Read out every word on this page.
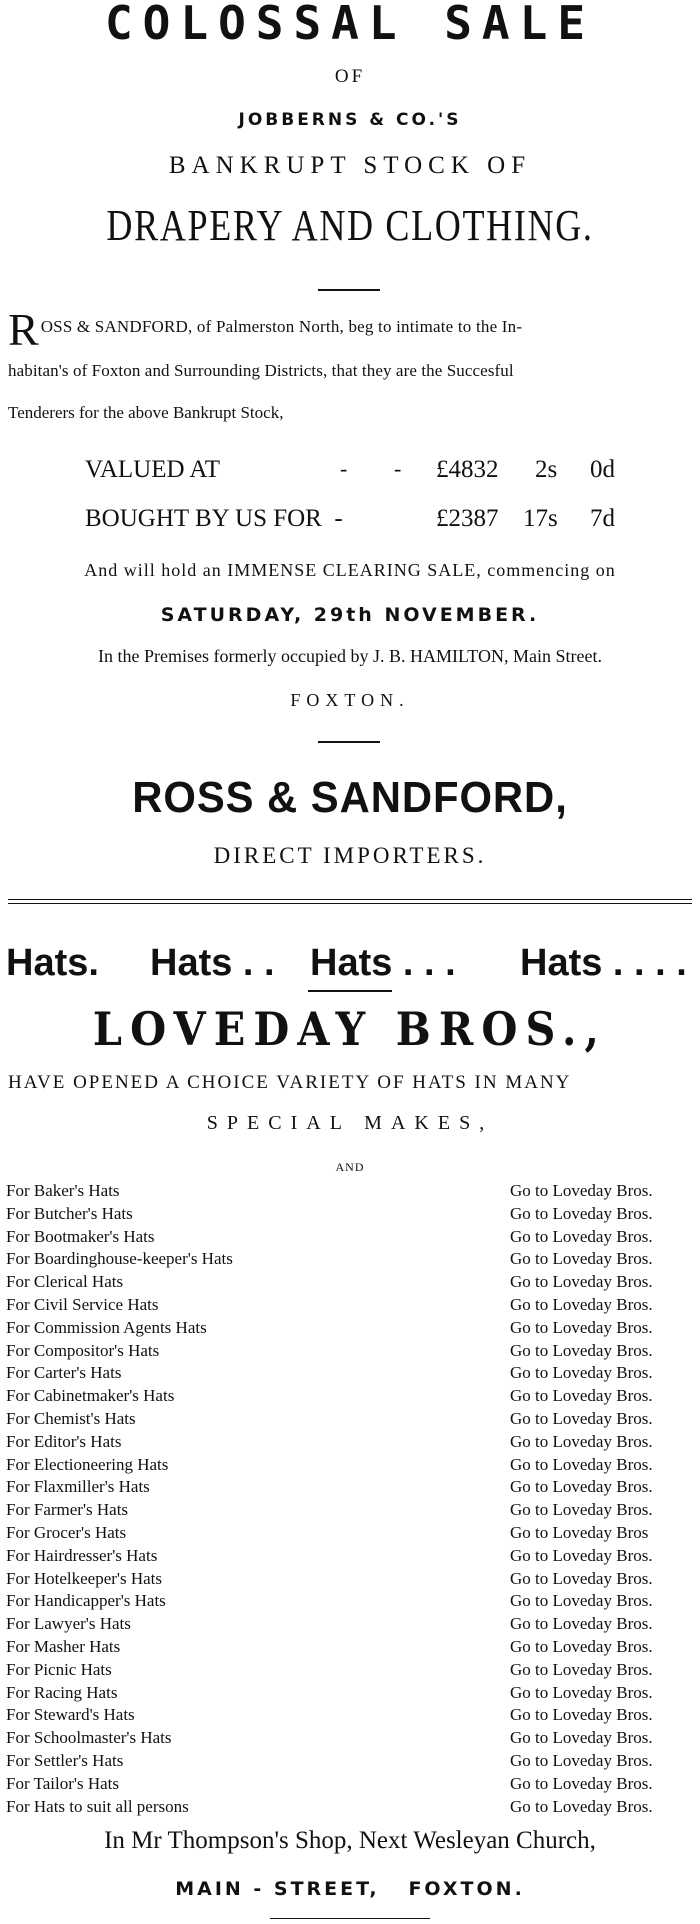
COLOSSAL SALE
OF
JOBBERNS & CO.'S
BANKRUPT STOCK OF
DRAPERY AND CLOTHING.
R OSS & SANDFORD, of Palmerston North, beg to intimate to the In-
habitan's of Foxton and Surrounding Districts, that they are the Succesful
Tenderers for the above Bankrupt Stock,
VALUED AT	- - £4832 2s 0d
BOUGHT BY US FOR  -	£2387 17s 7d
And will hold an IMMENSE CLEARING SALE, commencing on
SATURDAY, 29th NOVEMBER.
In the Premises formerly occupied by J. B. HAMILTON, Main Street.
FOXTON.
ROSS & SANDFORD,
DIRECT IMPORTERS.
Hats. Hats . . Hats . . . Hats . . . .
LOVEDAY BROS.,
HAVE OPENED A CHOICE VARIETY OF HATS IN MANY
SPECIAL MAKES,
AND
For Baker's Hats	Go to Loveday Bros.
For Butcher's Hats	Go to Loveday Bros.
For Bootmaker's Hats	Go to Loveday Bros.
For Boardinghouse-keeper's Hats	Go to Loveday Bros.
For Clerical Hats	Go to Loveday Bros.
For Civil Service Hats	Go to Loveday Bros.
For Commission Agents Hats	Go to Loveday Bros.
For Compositor's Hats	Go to Loveday Bros.
For Carter's Hats	Go to Loveday Bros.
For Cabinetmaker's Hats	Go to Loveday Bros.
For Chemist's Hats	Go to Loveday Bros.
For Editor's Hats	Go to Loveday Bros.
For Electioneering Hats	Go to Loveday Bros.
For Flaxmiller's Hats	Go to Loveday Bros.
For Farmer's Hats	Go to Loveday Bros.
For Grocer's Hats	Go to Loveday Bros
For Hairdresser's Hats	Go to Loveday Bros.
For Hotelkeeper's Hats	Go to Loveday Bros.
For Handicapper's Hats	Go to Loveday Bros.
For Lawyer's Hats	Go to Loveday Bros.
For Masher Hats	Go to Loveday Bros.
For Picnic Hats	Go to Loveday Bros.
For Racing Hats	Go to Loveday Bros.
For Steward's Hats	Go to Loveday Bros.
For Schoolmaster's Hats	Go to Loveday Bros.
For Settler's Hats	Go to Loveday Bros.
For Tailor's Hats	Go to Loveday Bros.
For Hats to suit all persons	Go to Loveday Bros.
In Mr Thompson's Shop, Next Wesleyan Church,
MAIN - STREET,   FOXTON.
